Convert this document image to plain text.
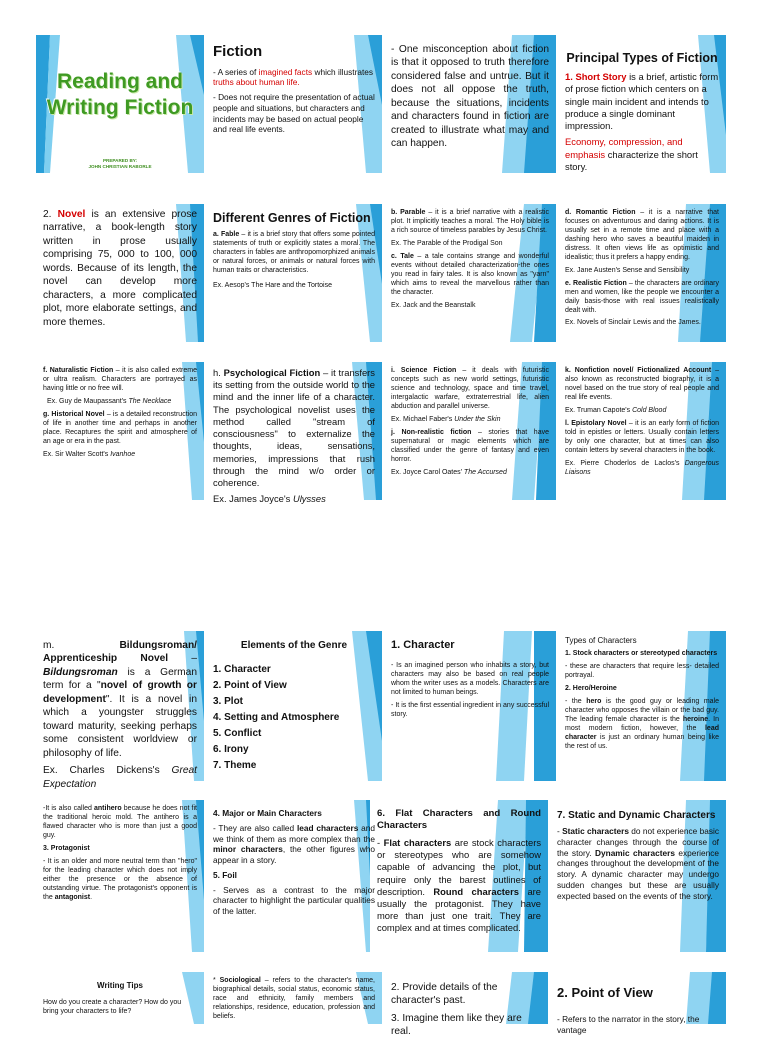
Reading and
Writing Fiction
PREPARED BY:
JOHN CHRISTIAN RABORLE
Fiction

- A series of imagined facts which illustrates truths about human life.

- Does not require the presentation of actual people and situations, but characters and incidents may be based on actual people and real life events.

- One misconception about fiction is that it opposed to truth therefore considered false and untrue. But it does not all oppose the truth, because the situations, incidents and characters found in fiction are created to illustrate what may and can happen.
Principal Types of Fiction

1. Short Story is a brief, artistic form of prose fiction which centers on a single main incident and intends to produce a single dominant impression.

Economy, compression, and emphasis characterize the short story.

2. Novel is an extensive prose narrative, a book-length story written in prose usually comprising 75, 000 to 100, 000 words. Because of its length, the novel can develop more characters, a more complicated plot, more elaborate settings, and more themes.
Different Genres of Fiction

a. Fable – it is a brief story that offers some pointed statements of truth or explicitly states a moral. The characters in fables are anthropomorphized animals or natural forces, or animals or natural forces with human traits or characteristics.

Ex. Aesop's The Hare and the Tortoise

b. Parable – it is a brief narrative with a realistic plot. It implicitly teaches a moral. The Holy bible is a rich source of timeless parables by Jesus Christ.

Ex. The Parable of the Prodigal Son

c. Tale – a tale contains strange and wonderful events without detailed characterization-the ones you read in fairy tales. It is also known as "yarn" which aims to reveal the marvellous rather than the character.

Ex. Jack and the Beanstalk

d. Romantic Fiction – it is a narrative that focuses on adventurous and daring actions. It is usually set in a remote time and place with a dashing hero who saves a beautiful maiden in distress. It often views life as optimistic and idealistic; thus it prefers a happy ending.

Ex. Jane Austen's Sense and Sensibility

e. Realistic Fiction – the characters are ordinary men and women, like the people we encounter a daily basis-those with real issues realistically dealt with.

Ex. Novels of Sinclair Lewis and the James.

f. Naturalistic Fiction – it is also called extreme or ultra realism. Characters are portrayed as having little or no free will.

Ex. Guy de Maupassant's The Necklace

g. Historical Novel – is a detailed reconstruction of life in another time and perhaps in another place. Recaptures the spirit and atmosphere of an age or era in the past.

Ex. Sir Walter Scott's Ivanhoe

h. Psychological Fiction – it transfers its setting from the outside world to the mind and the inner life of a character. The psychological novelist uses the method called "stream of consciousness" to externalize the thoughts, ideas, sensations, memories, impressions that rush through the mind w/o order or coherence.

Ex. James Joyce's Ulysses

i. Science Fiction – it deals with futuristic concepts such as new world settings, futuristic science and technology, space and time travel, intergalactic warfare, extraterrestrial life, alien abduction and parallel universe.

Ex. Michael Faber's Under the Skin

j. Non-realistic fiction – stories that have supernatural or magic elements which are classified under the genre of fantasy and even horror.

Ex. Joyce Carol Oates' The Accursed

k. Nonfiction novel/ Fictionalized Account – also known as reconstructed biography, it is a novel based on the true story of real people and real life events.

Ex. Truman Capote's Cold Blood

l. Epistolary Novel – it is an early form of fiction told in epistles or letters. Usually contain letters by only one character, but at times can also contain letters by several characters in the book.

Ex. Pierre Choderlos de Laclos's Dangerous Liaisons

m. Bildungsroman/ Apprenticeship Novel – Bildungsroman is a German term for a "novel of growth or development". It is a novel in which a youngster struggles toward maturity, seeking perhaps some consistent worldview or philosophy of life.

Ex. Charles Dickens's Great Expectation

Elements of the Genre
1. Character
2. Point of View
3. Plot
4. Setting and Atmosphere
5. Conflict
6. Irony
7. Theme
1. Character

- Is an imagined person who inhabits a story, but characters may also be based on real people whom the writer uses as a models. Characters are not limited to human beings.

- It is the first essential ingredient in any successful story.

Types of Characters

1. Stock characters or stereotyped characters

- these are characters that require less- detailed portrayal.

2. Hero/Heroine

- the hero is the good guy or leading male character who opposes the villain or the bad guy. The leading female character is the heroine. In most modern fiction, however, the lead character is just an ordinary human being like the rest of us.

-It is also called antihero because he does not fit the traditional heroic mold. The antihero is a flawed character who is more than just a good guy.

3. Protagonist

- It is an older and more neutral term than "hero" for the leading character which does not imply either the presence or the absence of outstanding virtue. The protagonist's opponent is the antagonist.

4. Major or Main Characters

- They are also called lead characters and we think of them as more complex than the minor characters, the other figures who appear in a story.

5. Foil

- Serves as a contrast to the major character to highlight the particular qualities of the latter.

6. Flat Characters and Round Characters

- Flat characters are stock characters or stereotypes who are somehow capable of advancing the plot, but require only the barest outlines of description. Round characters are usually the protagonist. They have more than just one trait. They are complex and at times complicated.

7. Static and Dynamic Characters

- Static characters do not experience basic character changes through the course of the story. Dynamic characters experience changes throughout the development of the story. A dynamic character may undergo sudden changes but these are usually expected based on the events of the story.

Writing Tips

How do you create a character? How do you bring your characters to life?

* Sociological – refers to the character's name, biographical details, social status, economic status, race and ethnicity, family members and relationships, residence, education, profession and beliefs.

2. Provide details of the character's past.

3. Imagine them like they are real.

2. Point of View

- Refers to the narrator in the story, the vantage
